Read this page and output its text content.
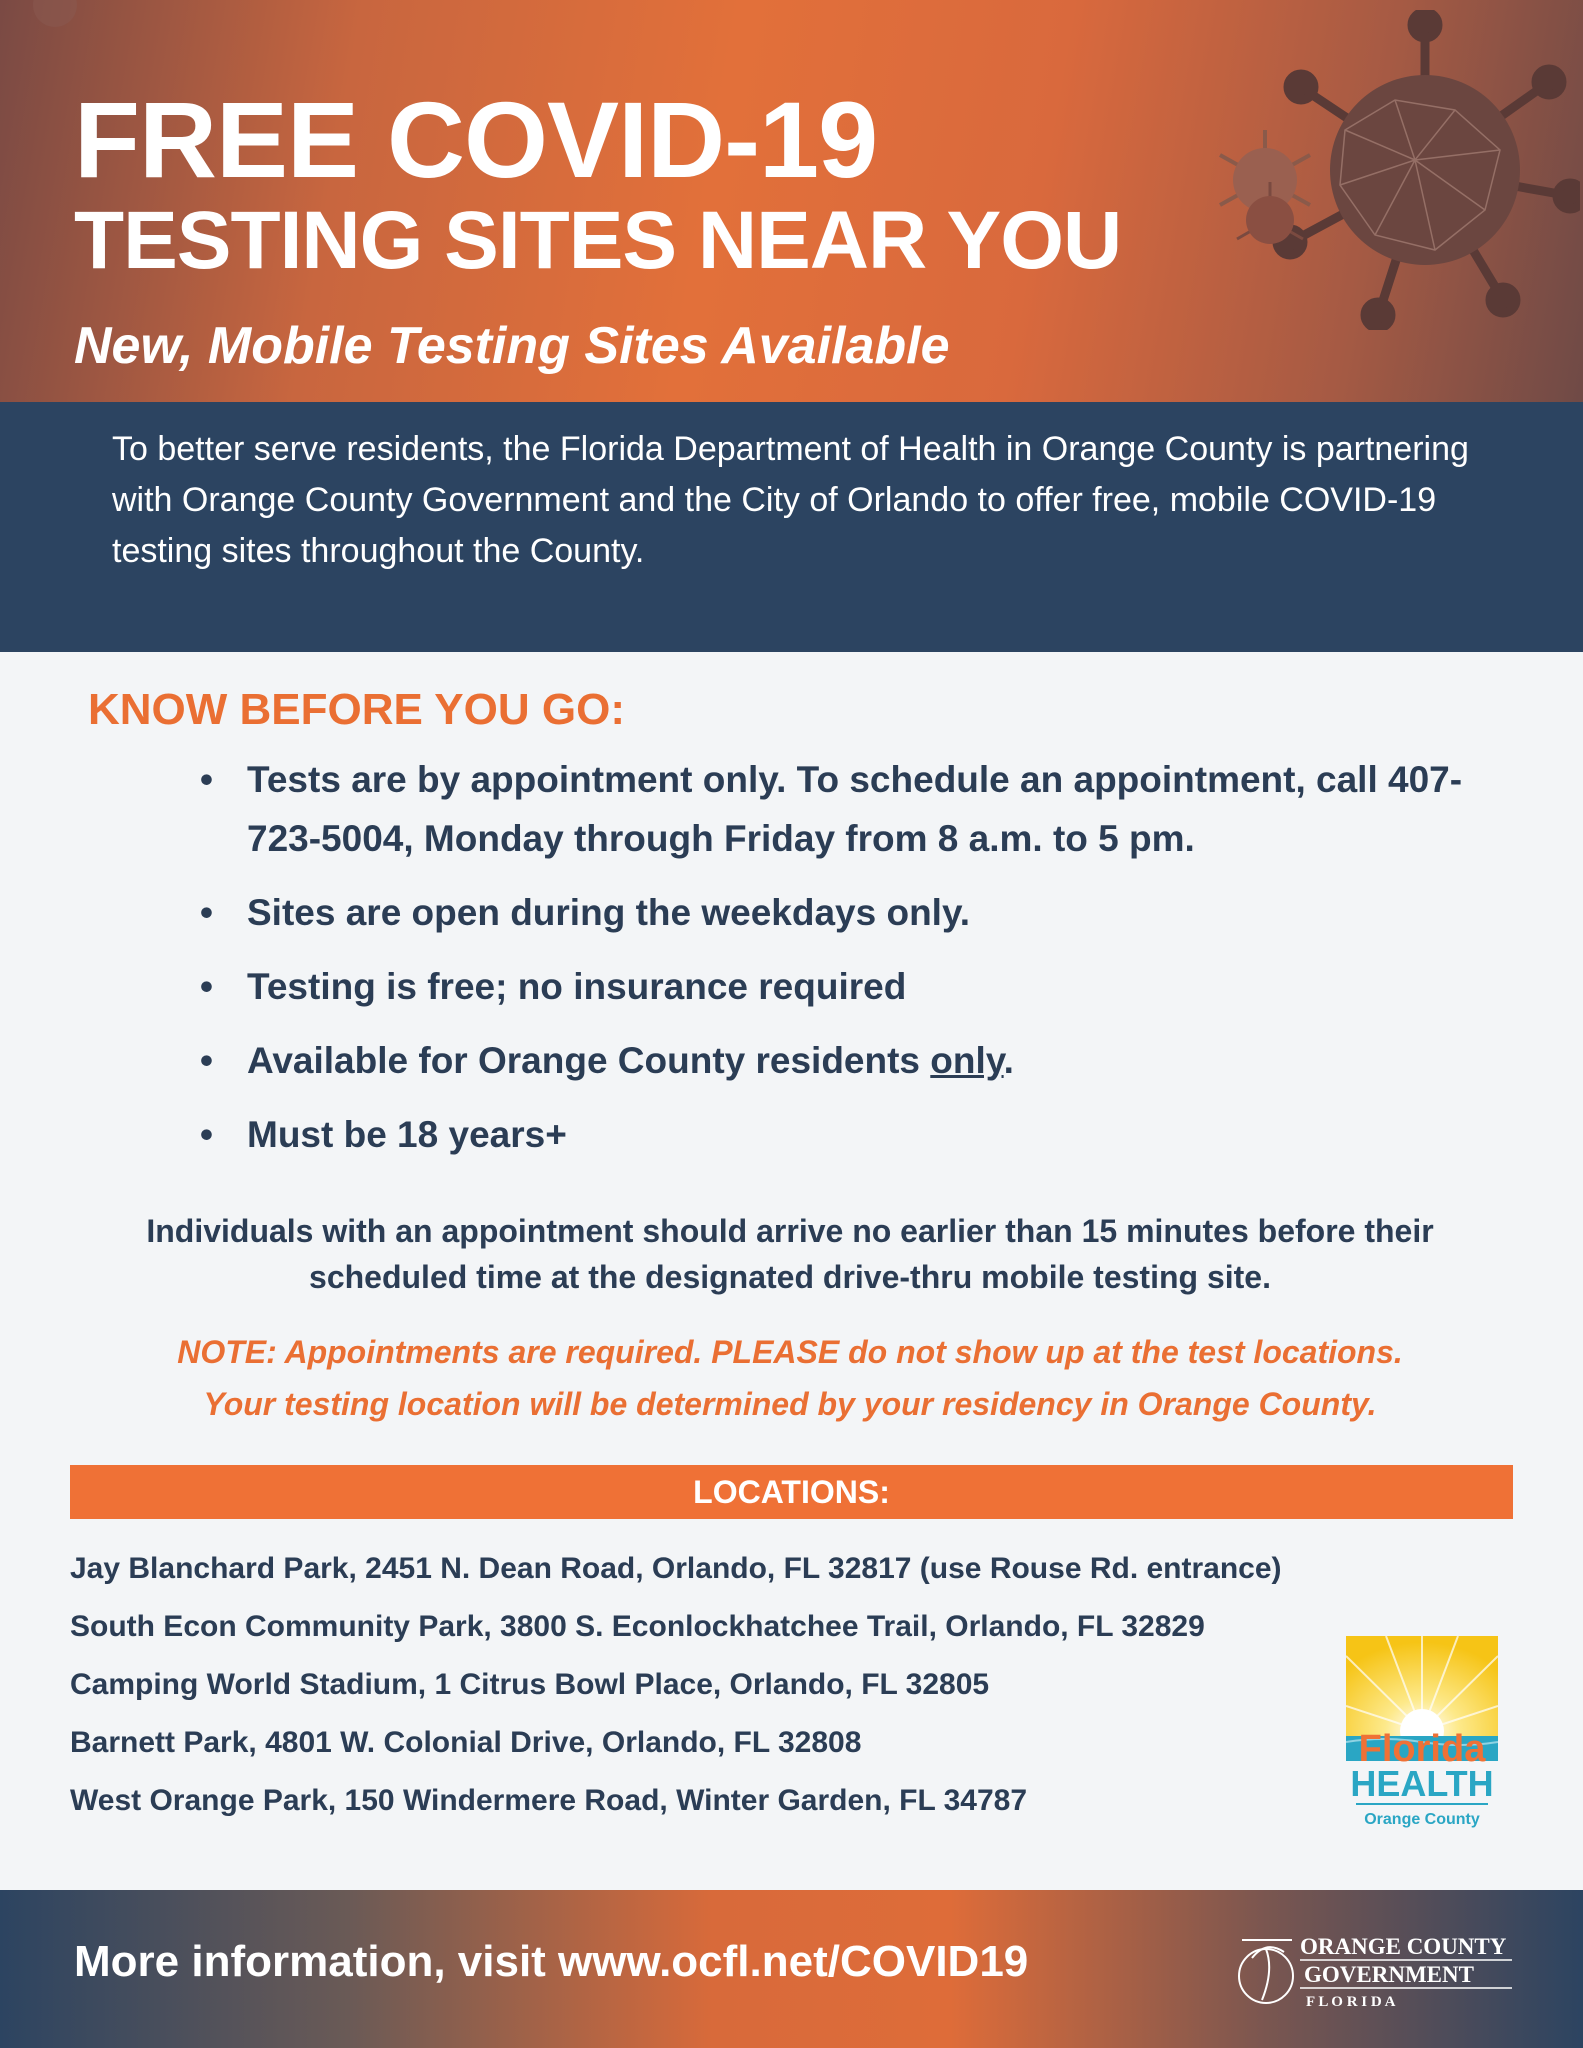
FREE COVID-19
TESTING SITES NEAR YOU
New, Mobile Testing Sites Available

To better serve residents, the Florida Department of Health in Orange County is partnering with Orange County Government and the City of Orlando to offer free, mobile COVID-19 testing sites throughout the County.

KNOW BEFORE YOU GO:
• Tests are by appointment only. To schedule an appointment, call 407-723-5004, Monday through Friday from 8 a.m. to 5 pm.
• Sites are open during the weekdays only.
• Testing is free; no insurance required
• Available for Orange County residents only.
• Must be 18 years+

Individuals with an appointment should arrive no earlier than 15 minutes before their scheduled time at the designated drive-thru mobile testing site.

NOTE: Appointments are required. PLEASE do not show up at the test locations.
Your testing location will be determined by your residency in Orange County.
LOCATIONS:
Jay Blanchard Park, 2451 N. Dean Road, Orlando, FL 32817 (use Rouse Rd. entrance)
South Econ Community Park, 3800 S. Econlockhatchee Trail, Orlando, FL 32829
Camping World Stadium, 1 Citrus Bowl Place, Orlando, FL 32805
Barnett Park, 4801 W. Colonial Drive, Orlando, FL 32808
West Orange Park, 150 Windermere Road, Winter Garden, FL 34787
Florida
HEALTH
Orange County

More information, visit www.ocfl.net/COVID19	ORANGE COUNTY
GOVERNMENT
F L O R I D A
